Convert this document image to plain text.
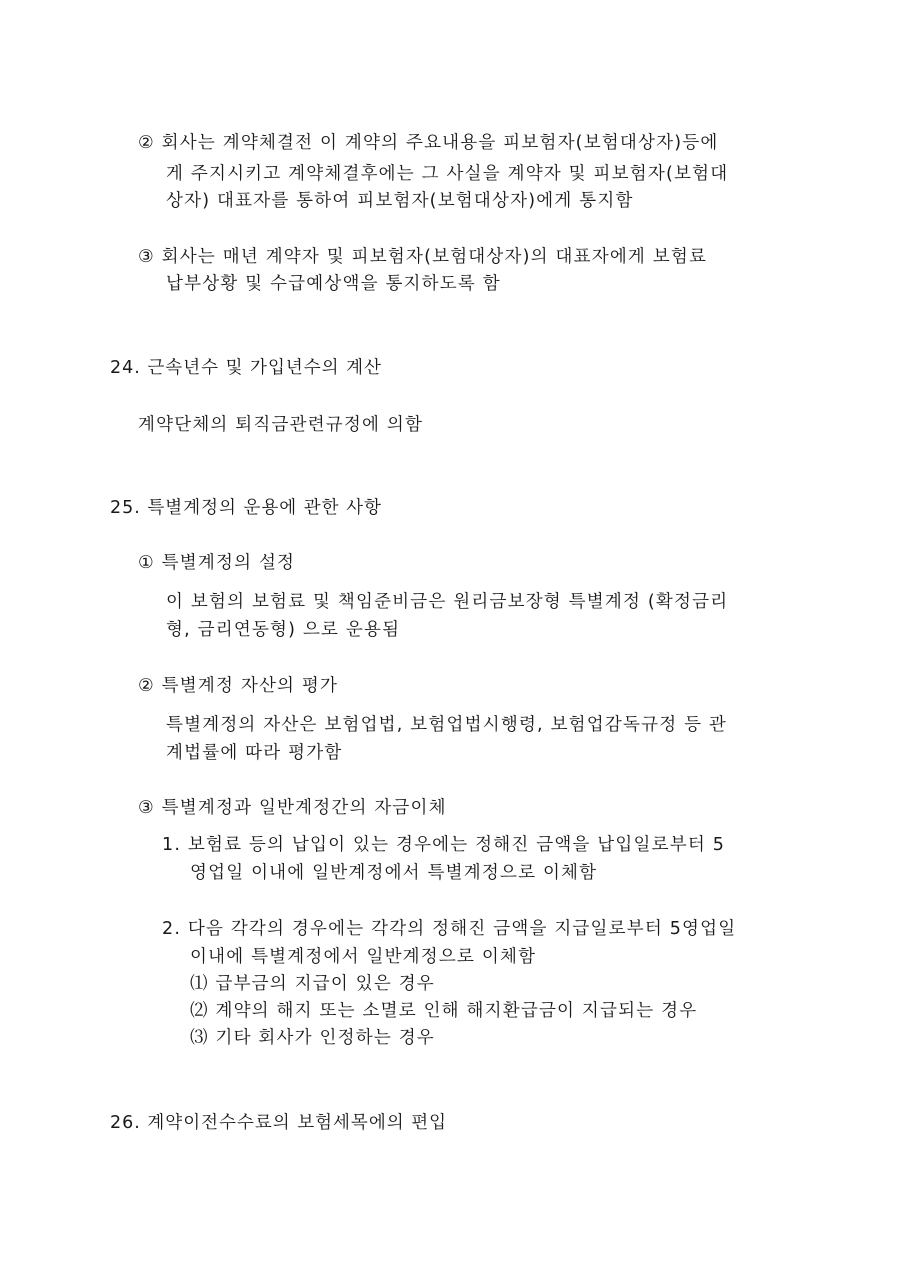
② 회사는 계약체결전 이 계약의 주요내용을 피보험자(보험대상자)등에
게 주지시키고 계약체결후에는 그 사실을 계약자 및 피보험자(보험대
상자) 대표자를 통하여 피보험자(보험대상자)에게 통지함
③ 회사는 매년 계약자 및 피보험자(보험대상자)의 대표자에게 보험료
납부상황 및 수급예상액을 통지하도록 함
24. 근속년수 및 가입년수의 계산
계약단체의 퇴직금관련규정에 의함
25. 특별계정의 운용에 관한 사항
① 특별계정의 설정
이 보험의 보험료 및 책임준비금은 원리금보장형 특별계정 (확정금리
형, 금리연동형) 으로 운용됨
② 특별계정 자산의 평가
특별계정의 자산은 보험업법, 보험업법시행령, 보험업감독규정 등 관
계법률에 따라 평가함
③ 특별계정과 일반계정간의 자금이체
1. 보험료 등의 납입이 있는 경우에는 정해진 금액을 납입일로부터 5
영업일 이내에 일반계정에서 특별계정으로 이체함
2. 다음 각각의 경우에는 각각의 정해진 금액을 지급일로부터 5영업일
이내에 특별계정에서 일반계정으로 이체함
⑴ 급부금의 지급이 있은 경우
⑵ 계약의 해지 또는 소멸로 인해 해지환급금이 지급되는 경우
⑶ 기타 회사가 인정하는 경우
26. 계약이전수수료의 보험세목에의 편입
